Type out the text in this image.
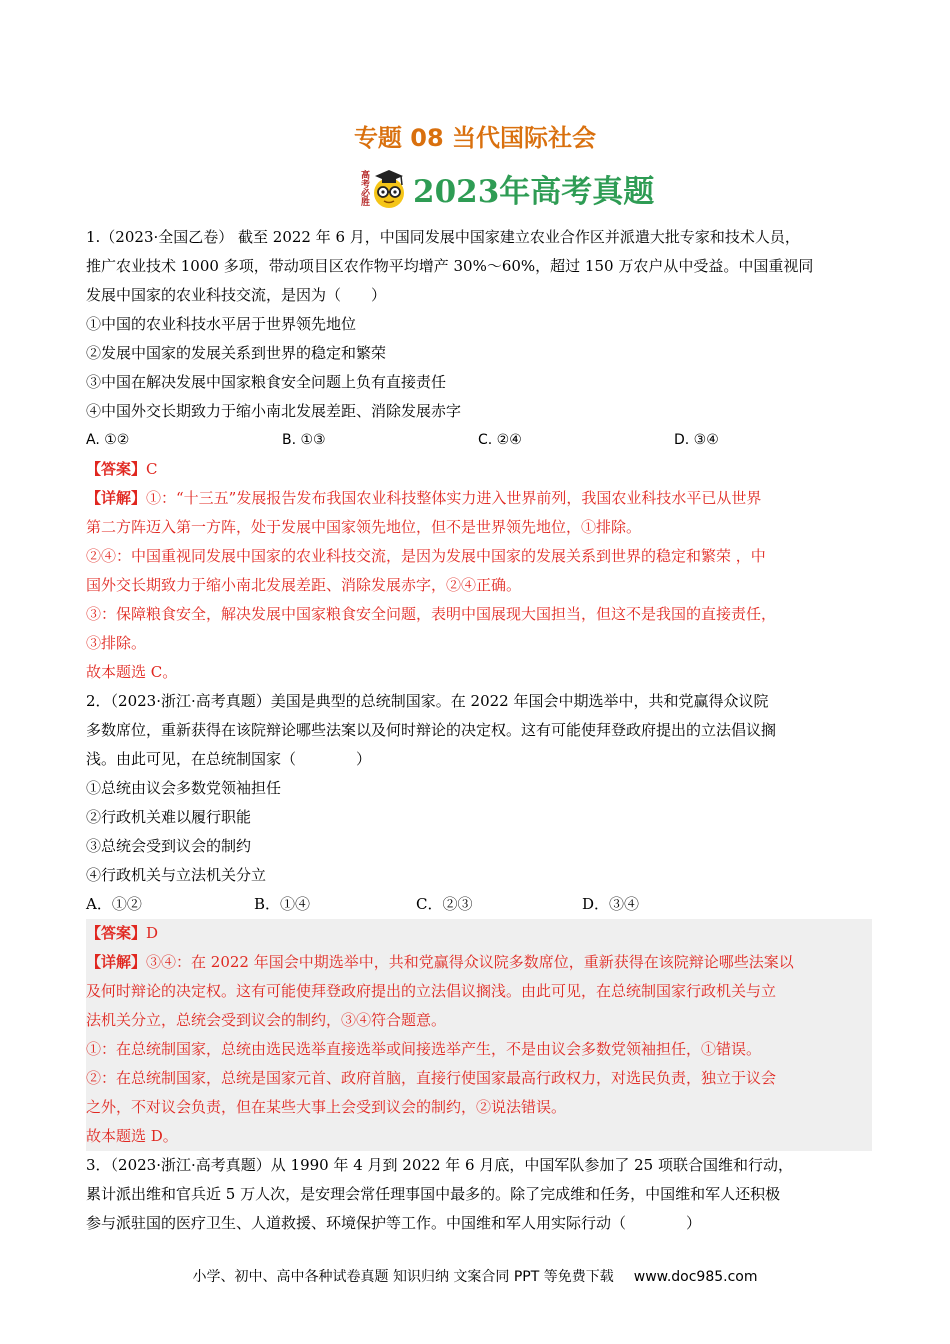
专题 08 当代国际社会
高考必胜 2023年高考真题

1.（2023·全国乙卷） 截至 2022 年 6 月，中国同发展中国家建立农业合作区并派遣大批专家和技术人员，

推广农业技术 1000 多项，带动项目区农作物平均增产 30%～60%，超过 150 万农户从中受益。中国重视同

发展中国家的农业科技交流，是因为（　　）

①中国的农业科技水平居于世界领先地位

②发展中国家的发展关系到世界的稳定和繁荣

③中国在解决发展中国家粮食安全问题上负有直接责任

④中国外交长期致力于缩小南北发展差距、消除发展赤字

A. ①②	B. ①③	C. ②④	D. ③④

【答案】C

【详解】①：“十三五”发展报告发布我国农业科技整体实力进入世界前列，我国农业科技水平已从世界

第二方阵迈入第一方阵，处于发展中国家领先地位，但不是世界领先地位，①排除。

②④：中国重视同发展中国家的农业科技交流，是因为发展中国家的发展关系到世界的稳定和繁荣 ，中

国外交长期致力于缩小南北发展差距、消除发展赤字，②④正确。

③：保障粮食安全，解决发展中国家粮食安全问题，表明中国展现大国担当，但这不是我国的直接责任，

③排除。

故本题选 C。

2．（2023·浙江·高考真题）美国是典型的总统制国家。在 2022 年国会中期选举中，共和党赢得众议院

多数席位，重新获得在该院辩论哪些法案以及何时辩论的决定权。这有可能使拜登政府提出的立法倡议搁

浅。由此可见，在总统制国家（　　　　）

①总统由议会多数党领袖担任

②行政机关难以履行职能

③总统会受到议会的制约

④行政机关与立法机关分立

A．①②	B．①④	C．②③	D．③④

【答案】D

【详解】③④：在 2022 年国会中期选举中，共和党赢得众议院多数席位，重新获得在该院辩论哪些法案以

及何时辩论的决定权。这有可能使拜登政府提出的立法倡议搁浅。由此可见，在总统制国家行政机关与立

法机关分立，总统会受到议会的制约，③④符合题意。

①：在总统制国家，总统由选民选举直接选举或间接选举产生，不是由议会多数党领袖担任，①错误。

②：在总统制国家，总统是国家元首、政府首脑，直接行使国家最高行政权力，对选民负责，独立于议会

之外，不对议会负责，但在某些大事上会受到议会的制约，②说法错误。

故本题选 D。

3．（2023·浙江·高考真题）从 1990 年 4 月到 2022 年 6 月底，中国军队参加了 25 项联合国维和行动，

累计派出维和官兵近 5 万人次，是安理会常任理事国中最多的。除了完成维和任务，中国维和军人还积极

参与派驻国的医疗卫生、人道救援、环境保护等工作。中国维和军人用实际行动（　　　　）

小学、初中、高中各种试卷真题 知识归纳 文案合同 PPT 等免费下载 www.doc985.com
